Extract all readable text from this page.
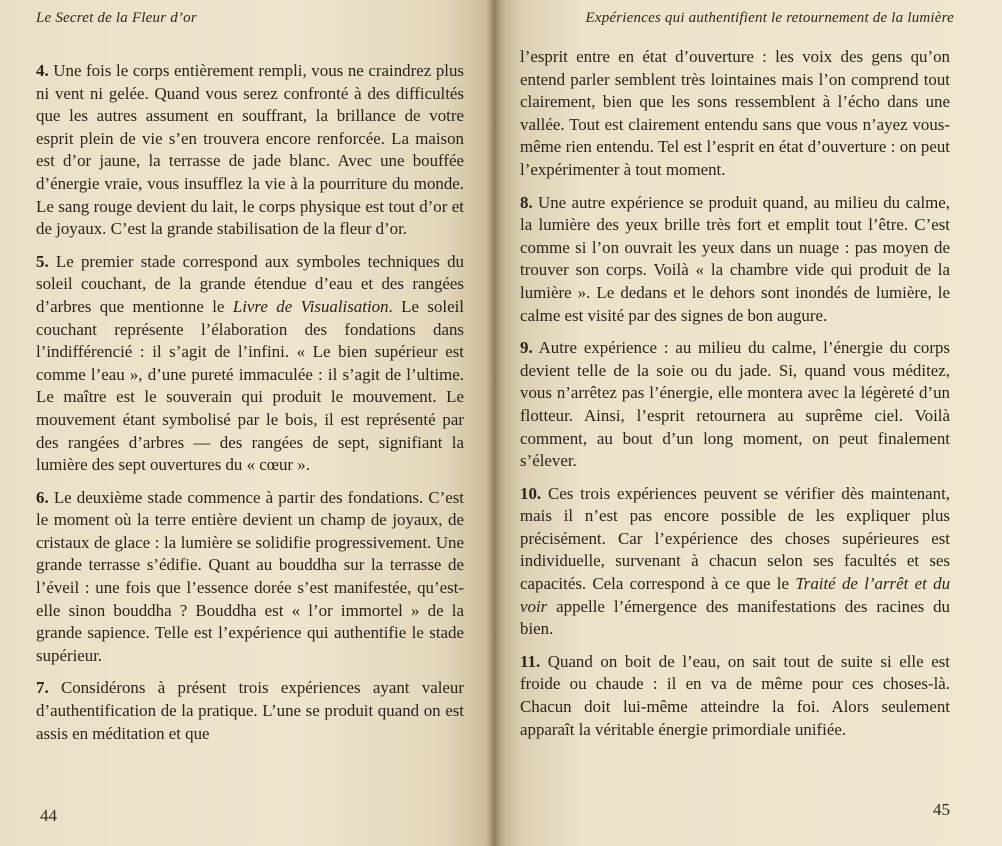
Le Secret de la Fleur d’or

4. Une fois le corps entièrement rempli, vous ne craindrez plus ni vent ni gelée. Quand vous serez confronté à des difficultés que les autres assument en souffrant, la brillance de votre esprit plein de vie s’en trouvera encore renforcée. La maison est d’or jaune, la terrasse de jade blanc. Avec une bouffée d’énergie vraie, vous insufflez la vie à la pourriture du monde. Le sang rouge devient du lait, le corps physique est tout d’or et de joyaux. C’est la grande stabilisation de la fleur d’or.

5. Le premier stade correspond aux symboles techniques du soleil couchant, de la grande étendue d’eau et des rangées d’arbres que mentionne le Livre de Visualisation. Le soleil couchant représente l’élaboration des fondations dans l’indifférencié : il s’agit de l’infini. « Le bien supérieur est comme l’eau », d’une pureté immaculée : il s’agit de l’ultime. Le maître est le souverain qui produit le mouvement. Le mouvement étant symbolisé par le bois, il est représenté par des rangées d’arbres — des rangées de sept, signifiant la lumière des sept ouvertures du « cœur ».

6. Le deuxième stade commence à partir des fondations. C’est le moment où la terre entière devient un champ de joyaux, de cristaux de glace : la lumière se solidifie progressivement. Une grande terrasse s’édifie. Quant au bouddha sur la terrasse de l’éveil : une fois que l’essence dorée s’est manifestée, qu’est-elle sinon bouddha ? Bouddha est « l’or immortel » de la grande sapience. Telle est l’expérience qui authentifie le stade supérieur.

7. Considérons à présent trois expériences ayant valeur d’authentification de la pratique. L’une se produit quand on est assis en méditation et que

44
Expériences qui authentifient le retournement de la lumière

l’esprit entre en état d’ouverture : les voix des gens qu’on entend parler semblent très lointaines mais l’on comprend tout clairement, bien que les sons ressemblent à l’écho dans une vallée. Tout est clairement entendu sans que vous n’ayez vous-même rien entendu. Tel est l’esprit en état d’ouverture : on peut l’expérimenter à tout moment.

8. Une autre expérience se produit quand, au milieu du calme, la lumière des yeux brille très fort et emplit tout l’être. C’est comme si l’on ouvrait les yeux dans un nuage : pas moyen de trouver son corps. Voilà « la chambre vide qui produit de la lumière ». Le dedans et le dehors sont inondés de lumière, le calme est visité par des signes de bon augure.

9. Autre expérience : au milieu du calme, l’énergie du corps devient telle de la soie ou du jade. Si, quand vous méditez, vous n’arrêtez pas l’énergie, elle montera avec la légèreté d’un flotteur. Ainsi, l’esprit retournera au suprême ciel. Voilà comment, au bout d’un long moment, on peut finalement s’élever.

10. Ces trois expériences peuvent se vérifier dès maintenant, mais il n’est pas encore possible de les expliquer plus précisément. Car l’expérience des choses supérieures est individuelle, survenant à chacun selon ses facultés et ses capacités. Cela correspond à ce que le Traité de l’arrêt et du voir appelle l’émergence des manifestations des racines du bien.

11. Quand on boit de l’eau, on sait tout de suite si elle est froide ou chaude : il en va de même pour ces choses-là. Chacun doit lui-même atteindre la foi. Alors seulement apparaît la véritable énergie primordiale unifiée.

45
